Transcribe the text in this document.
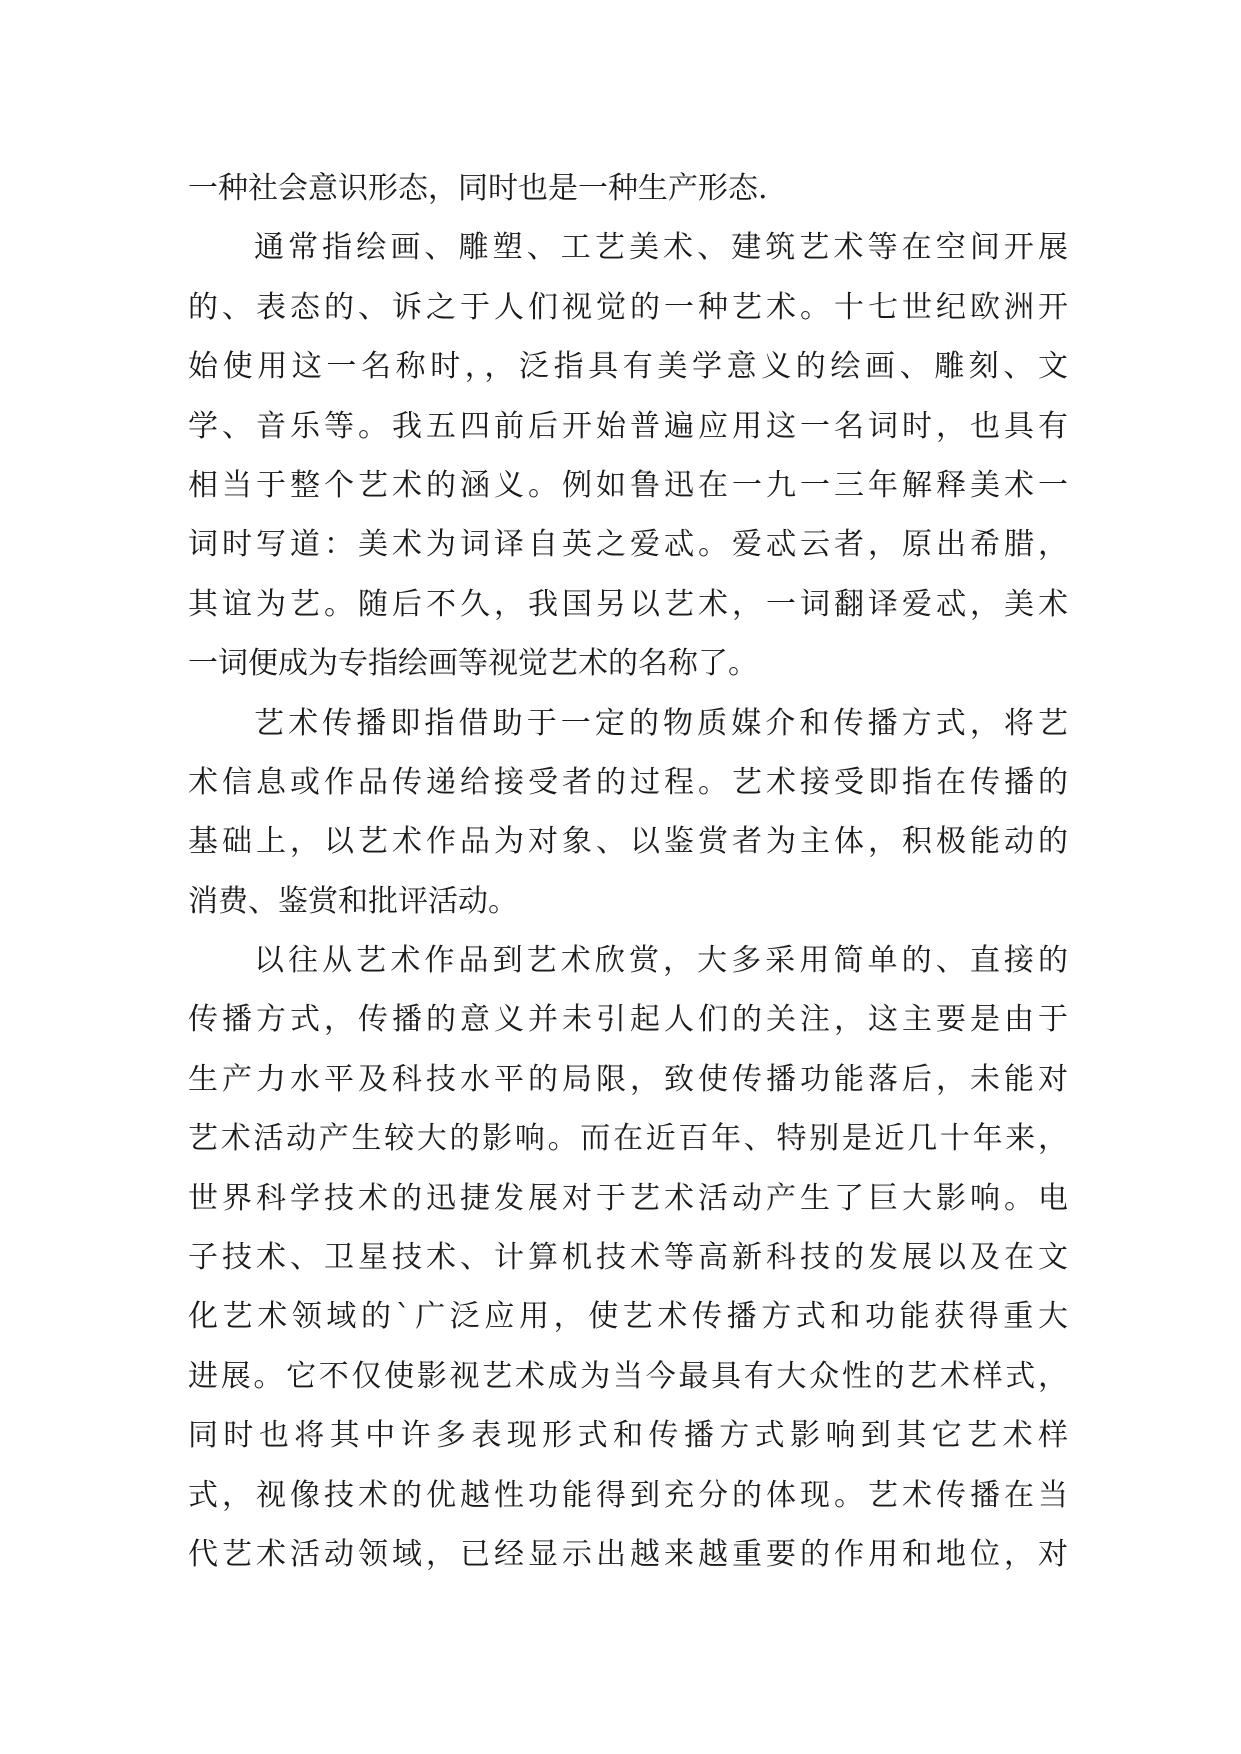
一种社会意识形态，同时也是一种生产形态.
通常指绘画、雕塑、工艺美术、建筑艺术等在空间开展
的、表态的、诉之于人们视觉的一种艺术。十七世纪欧洲开
始使用这一名称时，，泛指具有美学意义的绘画、雕刻、文
学、音乐等。我五四前后开始普遍应用这一名词时，也具有
相当于整个艺术的涵义。例如鲁迅在一九一三年解释美术一
词时写道：美术为词译自英之爱忒。爱忒云者，原出希腊，
其谊为艺。随后不久，我国另以艺术，一词翻译爱忒，美术
一词便成为专指绘画等视觉艺术的名称了。
艺术传播即指借助于一定的物质媒介和传播方式，将艺
术信息或作品传递给接受者的过程。艺术接受即指在传播的
基础上，以艺术作品为对象、以鉴赏者为主体，积极能动的
消费、鉴赏和批评活动。
以往从艺术作品到艺术欣赏，大多采用简单的、直接的
传播方式，传播的意义并未引起人们的关注，这主要是由于
生产力水平及科技水平的局限，致使传播功能落后，未能对
艺术活动产生较大的影响。而在近百年、特别是近几十年来，
世界科学技术的迅捷发展对于艺术活动产生了巨大影响。电
子技术、卫星技术、计算机技术等高新科技的发展以及在文
化艺术领域的`广泛应用，使艺术传播方式和功能获得重大
进展。它不仅使影视艺术成为当今最具有大众性的艺术样式，
同时也将其中许多表现形式和传播方式影响到其它艺术样
式，视像技术的优越性功能得到充分的体现。艺术传播在当
代艺术活动领域，已经显示出越来越重要的作用和地位，对
